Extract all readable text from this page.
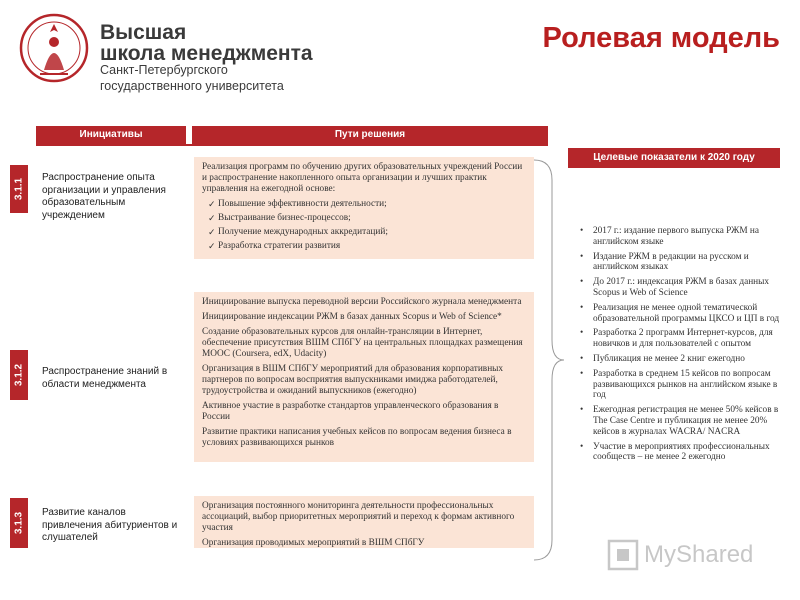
Высшая
школа менеджмента
Санкт-Петербургского
государственного университета
Ролевая модель
Инициативы	Пути решения
Целевые показатели к 2020 году
3.1.1
Распространение опыта организации и управления образовательным учреждением

Реализация программ по обучению других образовательных учреждений России и распространение накопленного опыта организации и лучших практик управления на ежегодной основе:

✓ Повышение эффективности деятельности;
✓ Выстраивание бизнес-процессов;
✓ Получение международных аккредитаций;
✓ Разработка стратегии развития
3.1.2 Распространение знаний в области менеджмента

Инициирование выпуска переводной версии Российского журнала менеджмента

Инициирование индексации РЖМ в базах данных Scopus и Web of Science*

Создание образовательных курсов для онлайн-трансляции в Интернет, обеспечение присутствия ВШМ СПбГУ на центральных площадках размещения МООС (Coursera, edX, Udacity)

Организация в ВШМ СПбГУ мероприятий для образования корпоративных партнеров по вопросам восприятия выпускниками имиджа работодателей, трудоустройства и ожиданий выпускников (ежегодно)

Активное участие в разработке стандартов управленческого образования в России

Развитие практики написания учебных кейсов по вопросам ведения бизнеса в условиях развивающихся рынков

3.1.3 Развитие каналов привлечения абитуриентов и слушателей

Организация постоянного мониторинга деятельности профессиональных ассоциаций, выбор приоритетных мероприятий и переход к формам активного участия

Организация проводимых мероприятий в ВШМ СПбГУ

• 2017 г.: издание первого выпуска РЖМ на английском языке
• Издание РЖМ в редакции на русском и английском языках
• До 2017 г.: индексация РЖМ в базах данных Scopus и Web of Science
• Реализация не менее одной тематической образовательной программы ЦКСО и ЦП в год
• Разработка 2 программ Интернет-курсов, для новичков и для пользователей с опытом
• Публикация не менее 2 книг ежегодно
• Разработка в среднем 15 кейсов по вопросам развивающихся рынков на английском языке в год
• Ежегодная регистрация не менее 50% кейсов в The Case Centre и публикация не менее 20% кейсов в журналах WACRA/ NACRA
• Участие в мероприятиях профессиональных сообществ – не менее 2 ежегодно
MyShared
